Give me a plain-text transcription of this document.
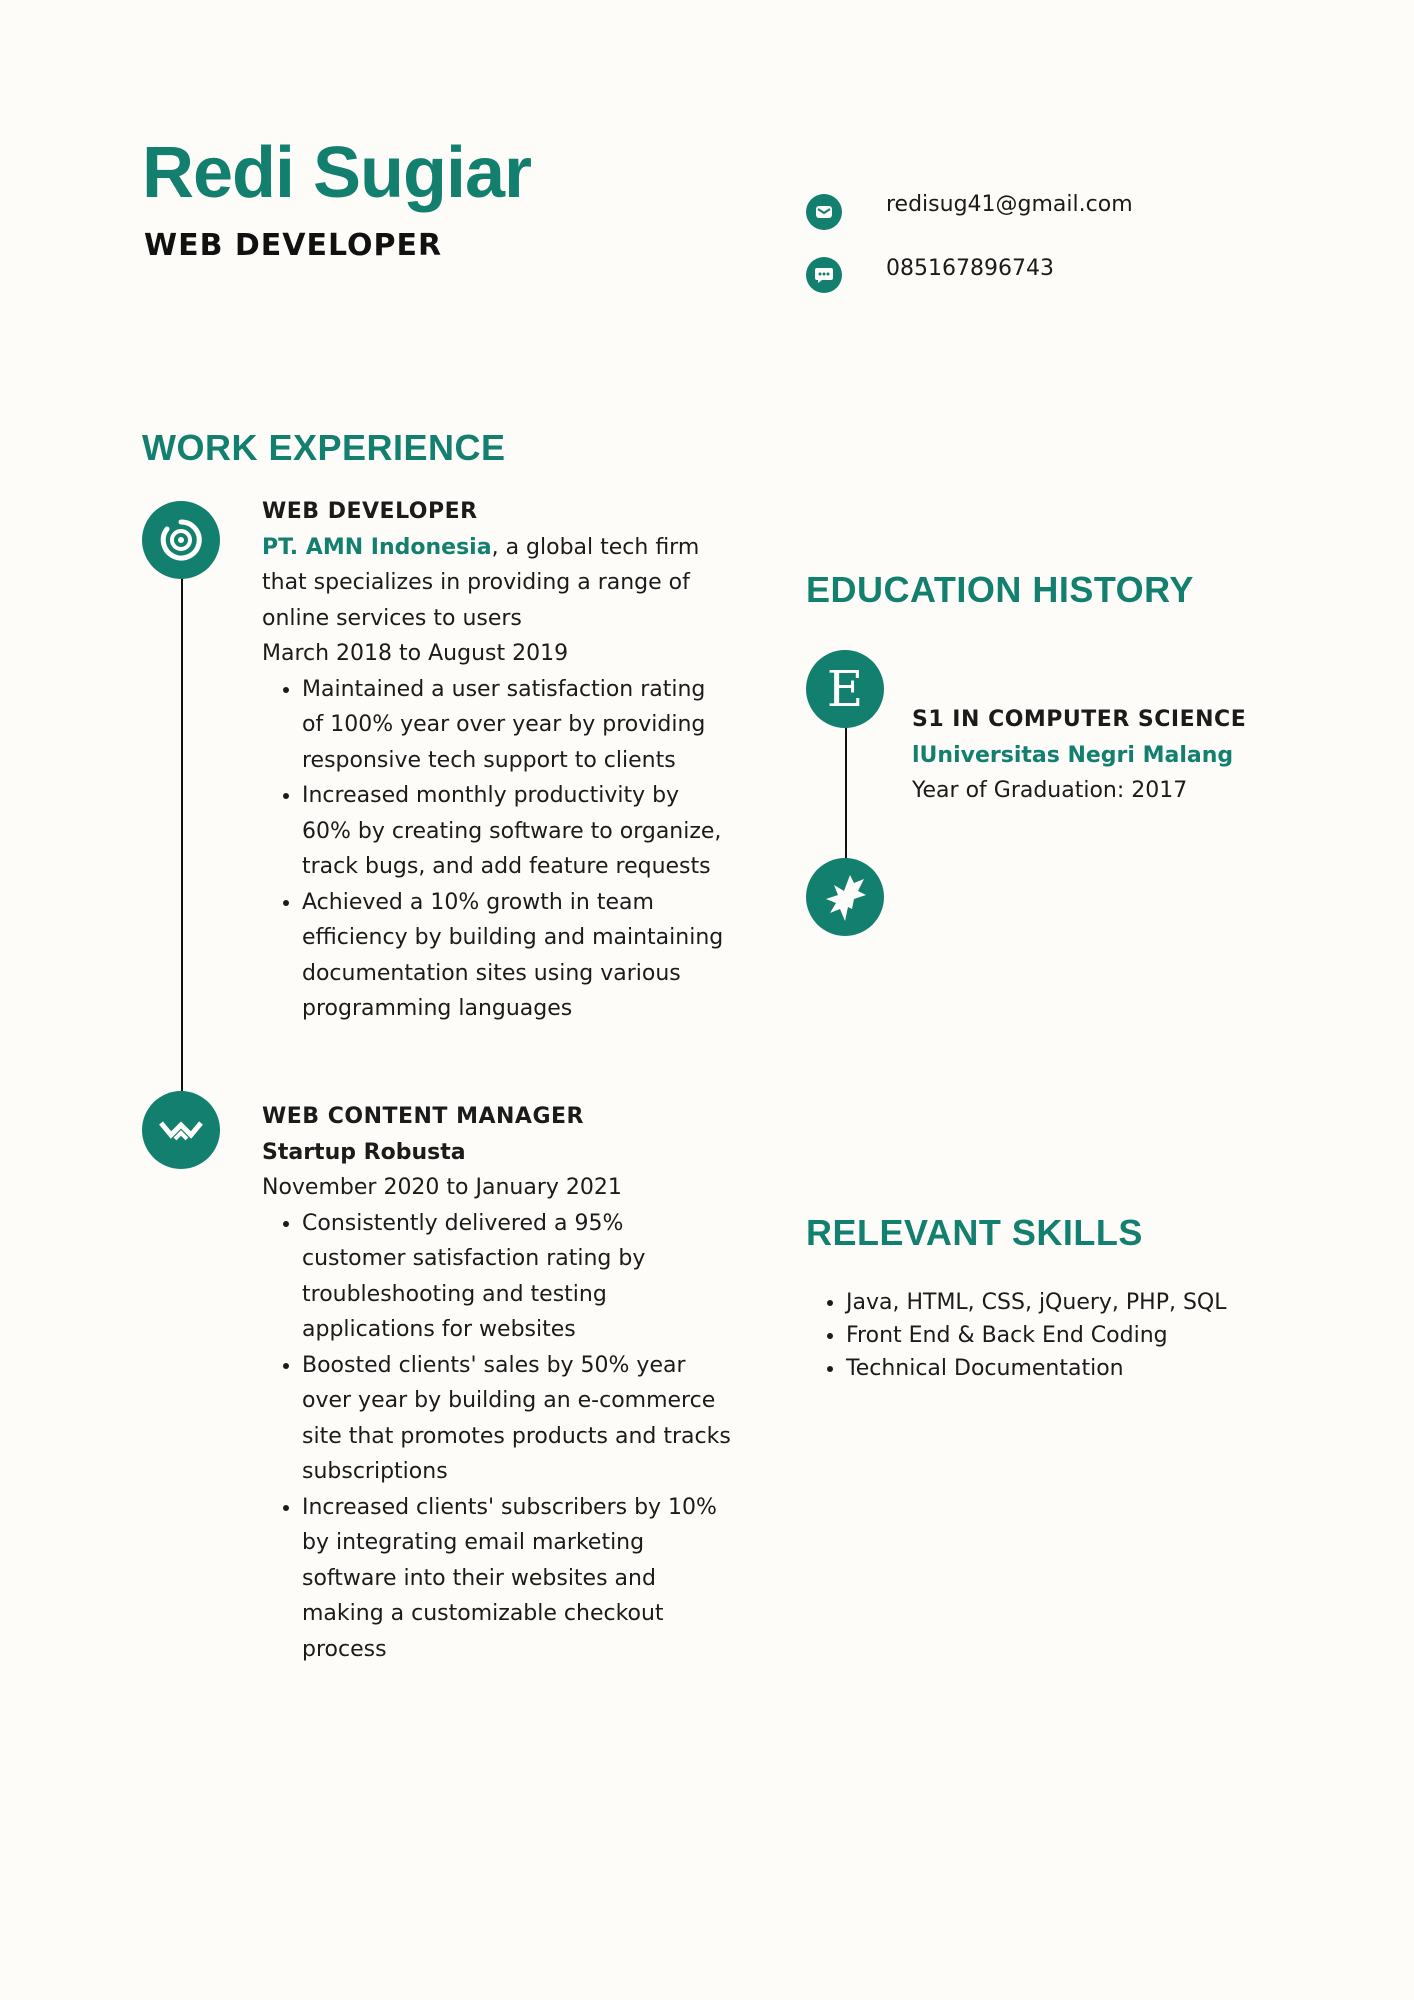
Redi Sugiar
WEB DEVELOPER
redisug41@gmail.com
085167896743
WORK EXPERIENCE
WEB DEVELOPER
PT. AMN Indonesia, a global tech firm that specializes in providing a range of online services to users
March 2018 to August 2019
• Maintained a user satisfaction rating of 100% year over year by providing responsive tech support to clients
• Increased monthly productivity by 60% by creating software to organize, track bugs, and add feature requests
• Achieved a 10% growth in team efficiency by building and maintaining documentation sites using various programming languages
WEB CONTENT MANAGER
Startup Robusta
November 2020 to January 2021
• Consistently delivered a 95% customer satisfaction rating by troubleshooting and testing applications for websites
• Boosted clients' sales by 50% year over year by building an e-commerce site that promotes products and tracks subscriptions
• Increased clients' subscribers by 10% by integrating email marketing software into their websites and making a customizable checkout process
EDUCATION HISTORY
E
S1 IN COMPUTER SCIENCE
lUniversitas Negri Malang
Year of Graduation: 2017
RELEVANT SKILLS
• Java, HTML, CSS, jQuery, PHP, SQL
• Front End & Back End Coding
• Technical Documentation
